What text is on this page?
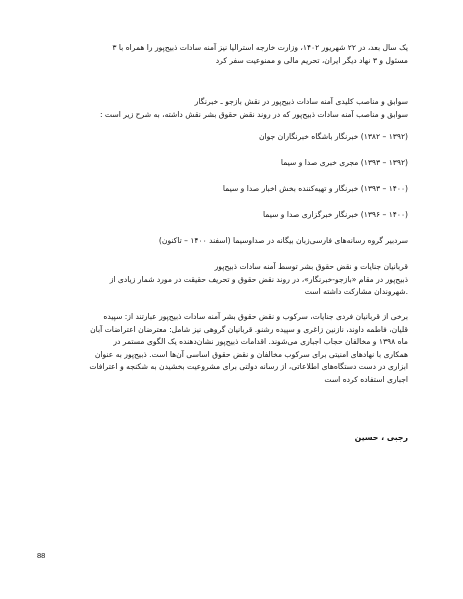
یک سال بعد، در ۲۲ شهریور ۱۴۰۲، وزارت خارجه استرالیا نیز آمنه سادات ذبیح‌پور را همراه با ۳
مسئول و ۳ نهاد دیگر ایران، تحریم مالی و ممنوعیت سفر کرد
سوابق و مناصب کلیدی آمنه سادات ذبیح‌پور در نقش بازجو ـ خبرنگار
سوابق و مناصب آمنه سادات ذبیح‌پور که در روند نقض حقوق بشر نقش داشته، به شرح زیر است :
(۱۳۹۲ – ۱۳۸۲) خبرنگار باشگاه خبرنگاران جوان
(۱۳۹۲ – ۱۳۹۳) مجری خبری صدا و سیما
(۱۴۰۰ – ۱۳۹۳) خبرنگار و تهیه‌کننده بخش اخبار صدا و سیما
(۱۴۰۰ – ۱۳۹۶) خبرنگار خبرگزاری صدا و سیما
سردبیر گروه رسانه‌های فارسی‌زبان بیگانه در صداوسیما (اسفند ۱۴۰۰ – تاکنون)
قربانیان جنایات و نقض حقوق بشر توسط آمنه سادات ذبیح‌پور
ذبیح‌پور در مقام «بازجو-خبرنگار»، در روند نقض حقوق و تحریف حقیقت در مورد شمار زیادی از
.شهروندان مشارکت داشته است
برخی از قربانیان فردی جنایات، سرکوب و نقض حقوق بشر آمنه سادات ذبیح‌پور عبارتند از: سپیده
قلیان، فاطمه داوند، نازنین زاغری و سپیده رشنو. قربانیان گروهی نیز شامل: معترضان اعتراضات آبان
ماه ۱۳۹۸ و مخالفان حجاب اجباری می‌شوند. اقدامات ذبیح‌پور نشان‌دهنده یک الگوی مستمر در
همکاری با نهادهای امنیتی برای سرکوب مخالفان و نقض حقوق اساسی آن‌ها است. ذبیح‌پور به عنوان
ابزاری در دست دستگاه‌های اطلاعاتی، از رسانه دولتی برای مشروعیت بخشیدن به شکنجه و اعترافات
اجباری استفاده کرده است
رجبی ، حسین
88
